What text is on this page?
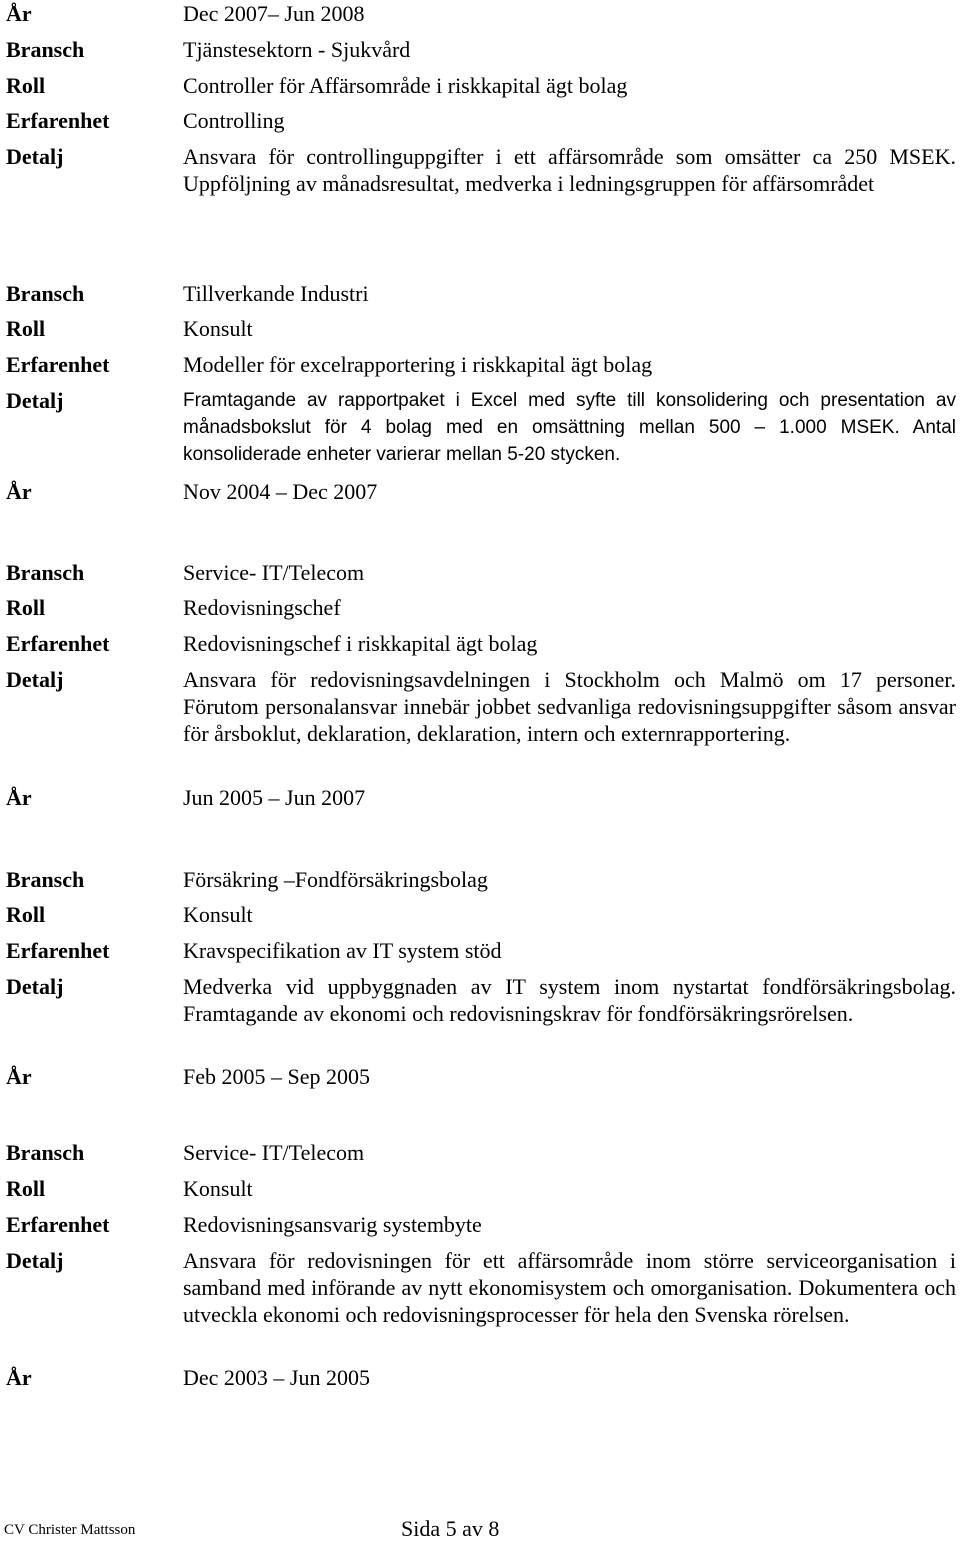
År	Dec 2007– Jun 2008
Bransch	Tjänstesektorn - Sjukvård
Roll	Controller för Affärsområde i riskkapital ägt bolag
Erfarenhet	Controlling
Detalj	Ansvara för controllinguppgifter i ett affärsområde som omsätter ca 250 MSEK. Uppföljning av månadsresultat, medverka i ledningsgruppen för affärsområdet
Bransch	Tillverkande Industri
Roll	Konsult
Erfarenhet	Modeller för excelrapportering i riskkapital ägt bolag
Detalj	Framtagande av rapportpaket i Excel med syfte till konsolidering och presentation av månadsbokslut för 4 bolag med en omsättning mellan 500 – 1.000 MSEK. Antal konsoliderade enheter varierar mellan 5-20 stycken.
År	Nov 2004 – Dec 2007
Bransch	Service- IT/Telecom
Roll	Redovisningschef
Erfarenhet	Redovisningschef i riskkapital ägt bolag
Detalj	Ansvara för redovisningsavdelningen i Stockholm och Malmö om 17 personer. Förutom personalansvar innebär jobbet sedvanliga redovisningsuppgifter såsom ansvar för årsboklut, deklaration, deklaration, intern och externrapportering.
År	Jun 2005 – Jun 2007
Bransch	Försäkring –Fondförsäkringsbolag
Roll	Konsult
Erfarenhet	Kravspecifikation av IT system stöd
Detalj	Medverka vid uppbyggnaden av IT system inom nystartat fondförsäkringsbolag. Framtagande av ekonomi och redovisningskrav för fondförsäkringsrörelsen.
År	Feb 2005 – Sep 2005
Bransch	Service- IT/Telecom
Roll	Konsult
Erfarenhet	Redovisningsansvarig systembyte
Detalj	Ansvara för redovisningen för ett affärsområde inom större serviceorganisation i samband med införande av nytt ekonomisystem och omorganisation. Dokumentera och utveckla ekonomi och redovisningsprocesser för hela den Svenska rörelsen.
År	Dec 2003 – Jun 2005
CV Christer Mattsson	Sida 5 av 8
